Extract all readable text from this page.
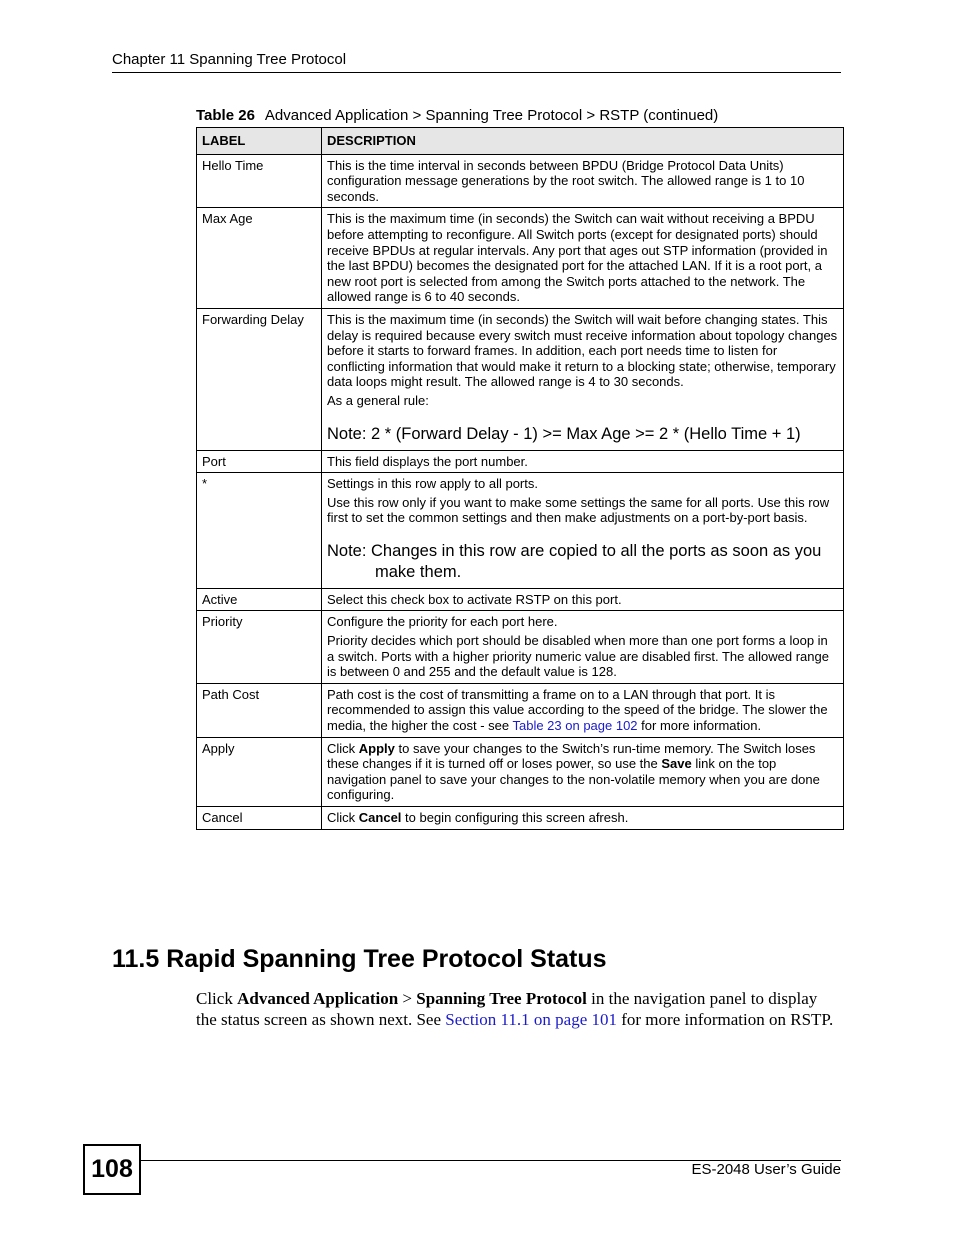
Chapter 11 Spanning Tree Protocol
Table 26 Advanced Application > Spanning Tree Protocol > RSTP (continued)
LABEL	DESCRIPTION
Hello Time	This is the time interval in seconds between BPDU (Bridge Protocol Data Units) configuration message generations by the root switch. The allowed range is 1 to 10 seconds.

Max Age	This is the maximum time (in seconds) the Switch can wait without receiving a BPDU before attempting to reconfigure. All Switch ports (except for designated ports) should receive BPDUs at regular intervals. Any port that ages out STP information (provided in the last BPDU) becomes the designated port for the attached LAN. If it is a root port, a new root port is selected from among the Switch ports attached to the network. The allowed range is 6 to 40 seconds.

Forwarding Delay	This is the maximum time (in seconds) the Switch will wait before changing states. This delay is required because every switch must receive information about topology changes before it starts to forward frames. In addition, each port needs time to listen for conflicting information that would make it return to a blocking state; otherwise, temporary data loops might result. The allowed range is 4 to 30 seconds.

As a general rule:

Note: 2 * (Forward Delay - 1) >= Max Age >= 2 * (Hello Time + 1)

Port	This field displays the port number.

*	Settings in this row apply to all ports.

Use this row only if you want to make some settings the same for all ports. Use this row first to set the common settings and then make adjustments on a port-by-port basis.

Note: Changes in this row are copied to all the ports as soon as you make them.

Active	Select this check box to activate RSTP on this port.

Priority	Configure the priority for each port here.

Priority decides which port should be disabled when more than one port forms a loop in a switch. Ports with a higher priority numeric value are disabled first. The allowed range is between 0 and 255 and the default value is 128.

Path Cost	Path cost is the cost of transmitting a frame on to a LAN through that port. It is recommended to assign this value according to the speed of the bridge. The slower the media, the higher the cost - see Table 23 on page 102 for more information.

Apply	Click Apply to save your changes to the Switch’s run-time memory. The Switch loses these changes if it is turned off or loses power, so use the Save link on the top navigation panel to save your changes to the non-volatile memory when you are done configuring.

Cancel	Click Cancel to begin configuring this screen afresh.

11.5 Rapid Spanning Tree Protocol Status

Click Advanced Application > Spanning Tree Protocol in the navigation panel to display the status screen as shown next. See Section 11.1 on page 101 for more information on RSTP.

108	ES-2048 User’s Guide
